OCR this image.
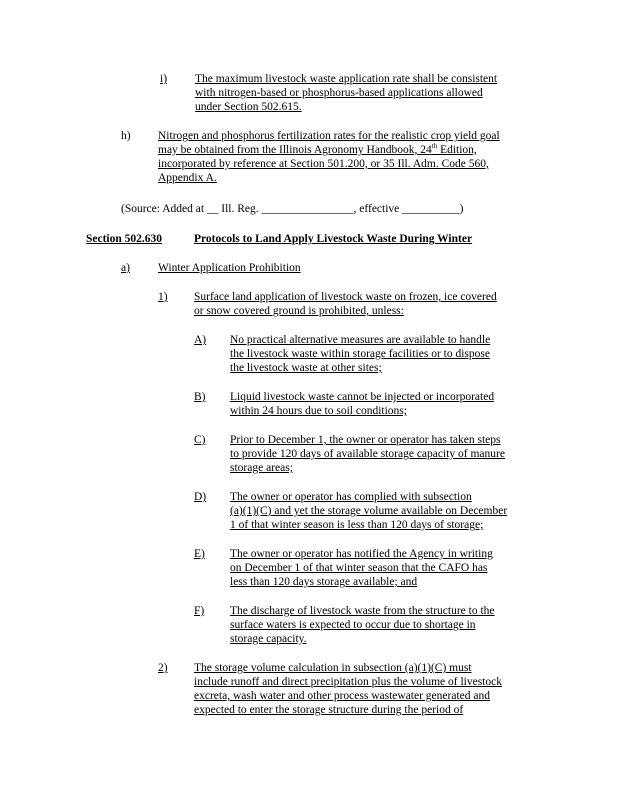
i) The maximum livestock waste application rate shall be consistent
with nitrogen-based or phosphorus-based applications allowed
under Section 502.615.
h) Nitrogen and phosphorus fertilization rates for the realistic crop yield goal
may be obtained from the Illinois Agronomy Handbook, 24th Edition,
incorporated by reference at Section 501.200, or 35 Ill. Adm. Code 560,
Appendix A.
(Source: Added at __ Ill. Reg. ________________, effective __________)
Section 502.630	Protocols to Land Apply Livestock Waste During Winter
a) Winter Application Prohibition
1) Surface land application of livestock waste on frozen, ice covered
or snow covered ground is prohibited, unless:
A) No practical alternative measures are available to handle
the livestock waste within storage facilities or to dispose
the livestock waste at other sites;
B) Liquid livestock waste cannot be injected or incorporated
within 24 hours due to soil conditions;
C) Prior to December 1, the owner or operator has taken steps
to provide 120 days of available storage capacity of manure
storage areas;
D) The owner or operator has complied with subsection
(a)(1)(C) and yet the storage volume available on December
1 of that winter season is less than 120 days of storage;
E) The owner or operator has notified the Agency in writing
on December 1 of that winter season that the CAFO has
less than 120 days storage available; and
F) The discharge of livestock waste from the structure to the
surface waters is expected to occur due to shortage in
storage capacity.
2) The storage volume calculation in subsection (a)(1)(C) must
include runoff and direct precipitation plus the volume of livestock
excreta, wash water and other process wastewater generated and
expected to enter the storage structure during the period of
